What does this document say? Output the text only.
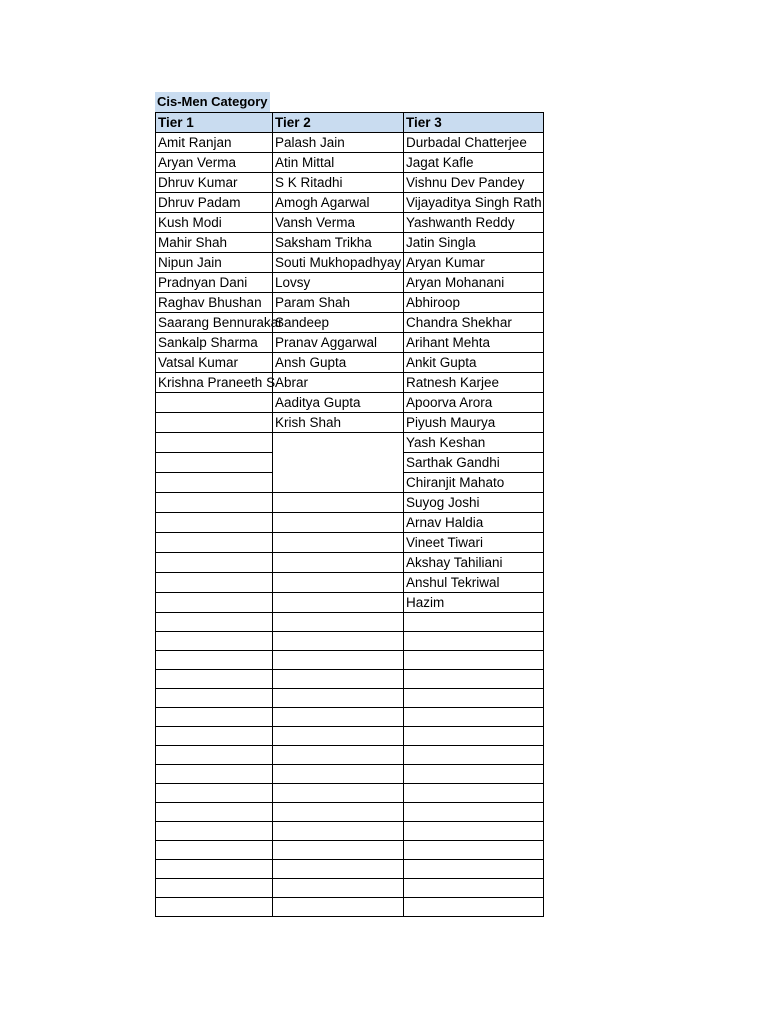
Cis-Men Category
Tier 1	Tier 2	Tier 3
Amit Ranjan	Palash Jain	Durbadal Chatterjee
Aryan Verma	Atin Mittal	Jagat Kafle
Dhruv Kumar	S K Ritadhi	Vishnu Dev Pandey
Dhruv Padam	Amogh Agarwal	Vijayaditya Singh Rath
Kush Modi	Vansh Verma	Yashwanth Reddy
Mahir Shah	Saksham Trikha	Jatin Singla
Nipun Jain	Souti Mukhopadhyay	Aryan Kumar
Pradnyan Dani	Lovsy	Aryan Mohanani
Raghav Bhushan	Param Shah	Abhiroop
Saarang Bennurakar	Sandeep	Chandra Shekhar
Sankalp Sharma	Pranav Aggarwal	Arihant Mehta
Vatsal Kumar	Ansh Gupta	Ankit Gupta
Krishna Praneeth S	Abrar	Ratnesh Karjee
	Aaditya Gupta	Apoorva Arora
	Krish Shah	Piyush Maurya
		Yash Keshan
		Sarthak Gandhi
		Chiranjit Mahato
		Suyog Joshi
		Arnav Haldia
		Vineet Tiwari
		Akshay Tahiliani
		Anshul Tekriwal
		Hazim
